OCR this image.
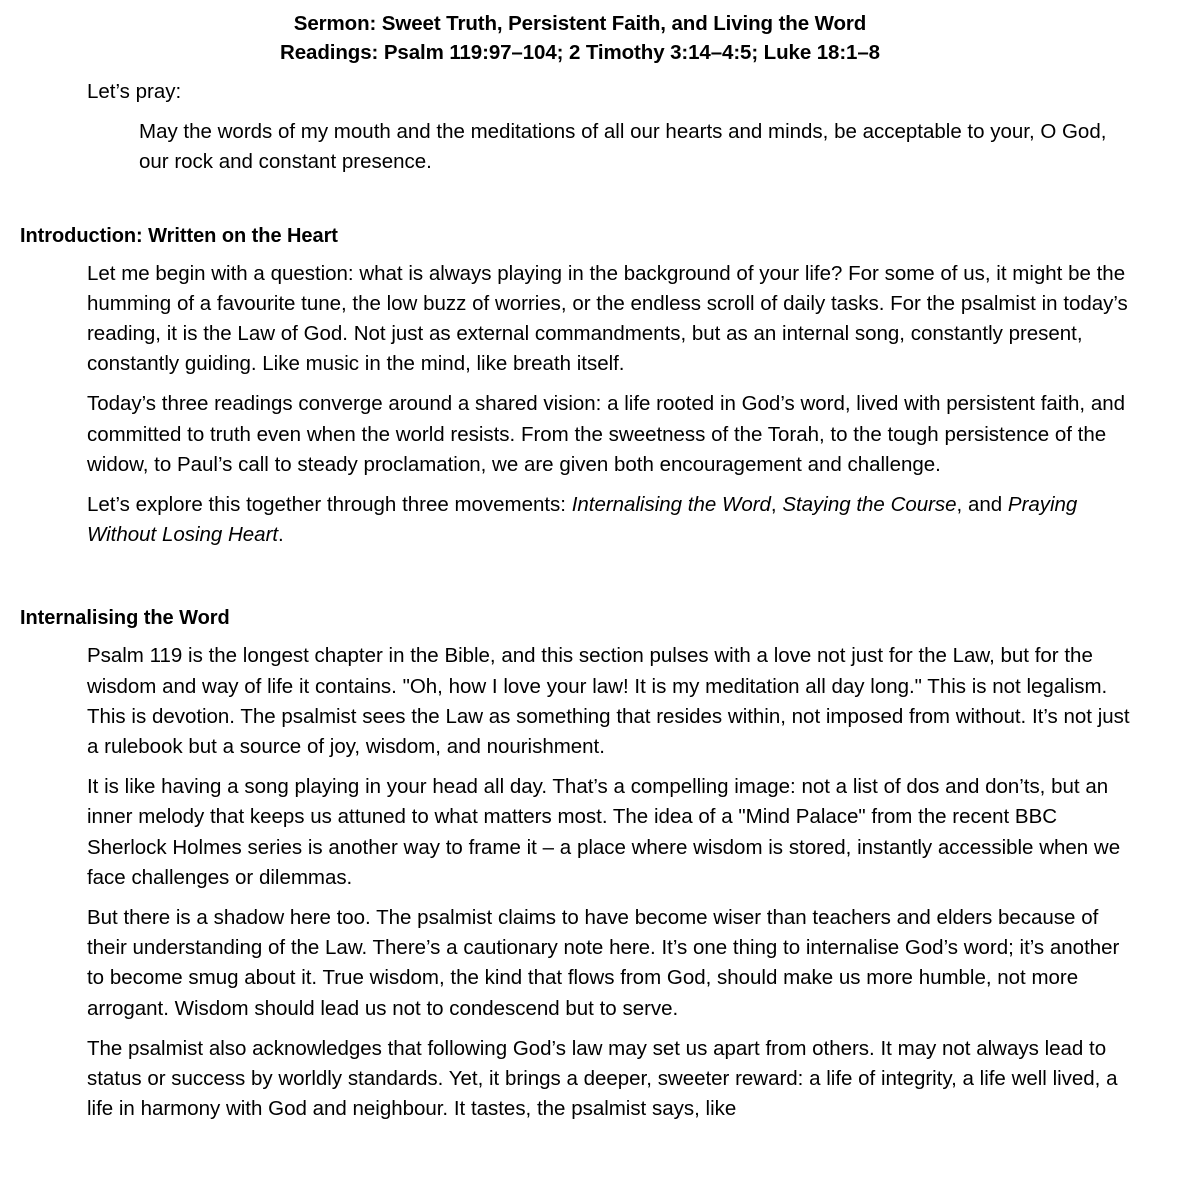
Sermon: Sweet Truth, Persistent Faith, and Living the Word
Readings: Psalm 119:97–104; 2 Timothy 3:14–4:5; Luke 18:1–8

Let’s pray:

May the words of my mouth and the meditations of all our hearts and minds, be acceptable to your, O God, our rock and constant presence.

Introduction: Written on the Heart

Let me begin with a question: what is always playing in the background of your life? For some of us, it might be the humming of a favourite tune, the low buzz of worries, or the endless scroll of daily tasks. For the psalmist in today’s reading, it is the Law of God. Not just as external commandments, but as an internal song, constantly present, constantly guiding. Like music in the mind, like breath itself.

Today’s three readings converge around a shared vision: a life rooted in God’s word, lived with persistent faith, and committed to truth even when the world resists. From the sweetness of the Torah, to the tough persistence of the widow, to Paul’s call to steady proclamation, we are given both encouragement and challenge.

Let’s explore this together through three movements: Internalising the Word, Staying the Course, and Praying Without Losing Heart.

Internalising the Word

Psalm 119 is the longest chapter in the Bible, and this section pulses with a love not just for the Law, but for the wisdom and way of life it contains. "Oh, how I love your law! It is my meditation all day long." This is not legalism. This is devotion. The psalmist sees the Law as something that resides within, not imposed from without. It’s not just a rulebook but a source of joy, wisdom, and nourishment.

It is like having a song playing in your head all day. That’s a compelling image: not a list of dos and don’ts, but an inner melody that keeps us attuned to what matters most. The idea of a "Mind Palace" from the recent BBC Sherlock Holmes series is another way to frame it – a place where wisdom is stored, instantly accessible when we face challenges or dilemmas.

But there is a shadow here too. The psalmist claims to have become wiser than teachers and elders because of their understanding of the Law. There’s a cautionary note here. It’s one thing to internalise God’s word; it’s another to become smug about it. True wisdom, the kind that flows from God, should make us more humble, not more arrogant. Wisdom should lead us not to condescend but to serve.

The psalmist also acknowledges that following God’s law may set us apart from others. It may not always lead to status or success by worldly standards. Yet, it brings a deeper, sweeter reward: a life of integrity, a life well lived, a life in harmony with God and neighbour. It tastes, the psalmist says, like
